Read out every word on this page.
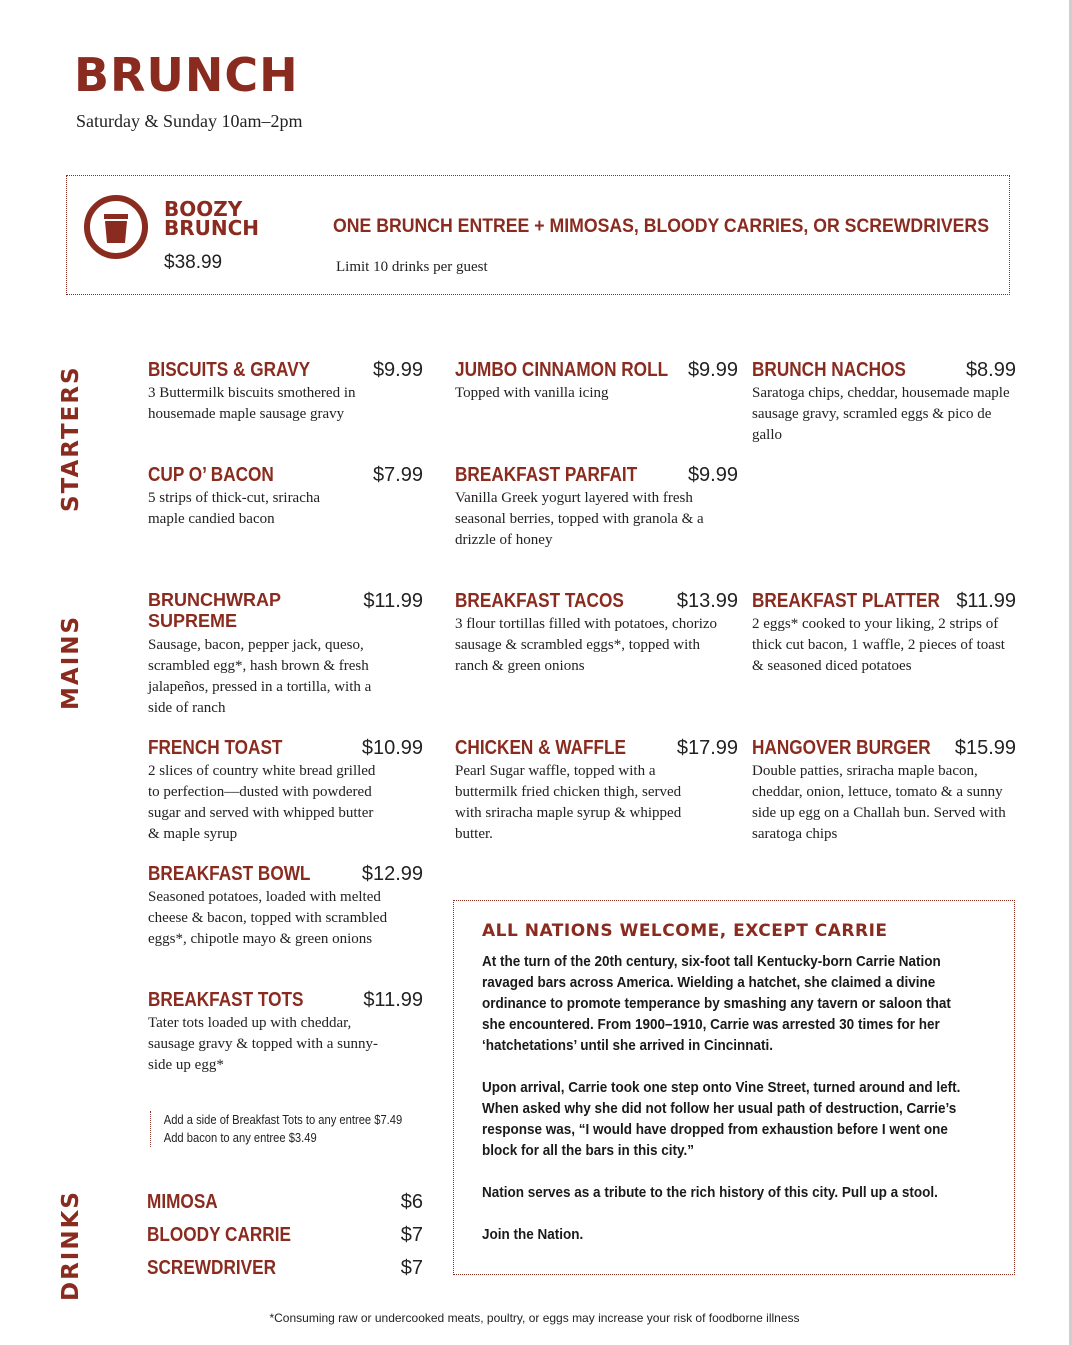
BRUNCH
Saturday & Sunday 10am–2pm
BOOZY
BRUNCH
$38.99
ONE BRUNCH ENTREE + MIMOSAS, BLOODY CARRIES, OR SCREWDRIVERS
Limit 10 drinks per guest
STARTERS
MAINS
DRINKS
BISCUITS & GRAVY	$9.99
3 Buttermilk biscuits smothered in housemade maple sausage gravy
JUMBO CINNAMON ROLL $9.99
Topped with vanilla icing
BRUNCH NACHOS	$8.99
Saratoga chips, cheddar, housemade maple sausage gravy, scramled eggs & pico de gallo
CUP O’ BACON	$7.99
5 strips of thick-cut, sriracha maple candied bacon
BREAKFAST PARFAIT	$9.99
Vanilla Greek yogurt layered with fresh seasonal berries, topped with granola & a drizzle of honey
BRUNCHWRAP SUPREME
$11.99
Sausage, bacon, pepper jack, queso, scrambled egg*, hash brown & fresh jalapeños, pressed in a tortilla, with a side of ranch
BREAKFAST TACOS	$13.99
3 flour tortillas filled with potatoes, chorizo sausage & scrambled eggs*, topped with ranch & green onions
BREAKFAST PLATTER $11.99
2 eggs* cooked to your liking, 2 strips of thick cut bacon, 1 waffle, 2 pieces of toast & seasoned diced potatoes
FRENCH TOAST	$10.99
2 slices of country white bread grilled to perfection—dusted with powdered sugar and served with whipped butter & maple syrup
CHICKEN & WAFFLE	$17.99
Pearl Sugar waffle, topped with a buttermilk fried chicken thigh, served with sriracha maple syrup & whipped butter.
HANGOVER BURGER $15.99
Double patties, sriracha maple bacon, cheddar, onion, lettuce, tomato & a sunny side up egg on a Challah bun. Served with saratoga chips
BREAKFAST BOWL	$12.99
Seasoned potatoes, loaded with melted cheese & bacon, topped with scrambled eggs*, chipotle mayo & green onions
BREAKFAST TOTS	$11.99
Tater tots loaded up with cheddar, sausage gravy & topped with a sunny-side up egg*
Add a side of Breakfast Tots to any entree $7.49
Add bacon to any entree $3.49
MIMOSA	$6
BLOODY CARRIE	$7
SCREWDRIVER	$7
ALL NATIONS WELCOME, EXCEPT CARRIE

At the turn of the 20th century, six-foot tall Kentucky-born Carrie Nation ravaged bars across America. Wielding a hatchet, she claimed a divine ordinance to promote temperance by smashing any tavern or saloon that she encountered. From 1900–1910, Carrie was arrested 30 times for her ‘hatchetations’ until she arrived in Cincinnati.

Upon arrival, Carrie took one step onto Vine Street, turned around and left. When asked why she did not follow her usual path of destruction, Carrie’s response was, “I would have dropped from exhaustion before I went one block for all the bars in this city.”

Nation serves as a tribute to the rich history of this city. Pull up a stool.

Join the Nation.

*Consuming raw or undercooked meats, poultry, or eggs may increase your risk of foodborne illness
